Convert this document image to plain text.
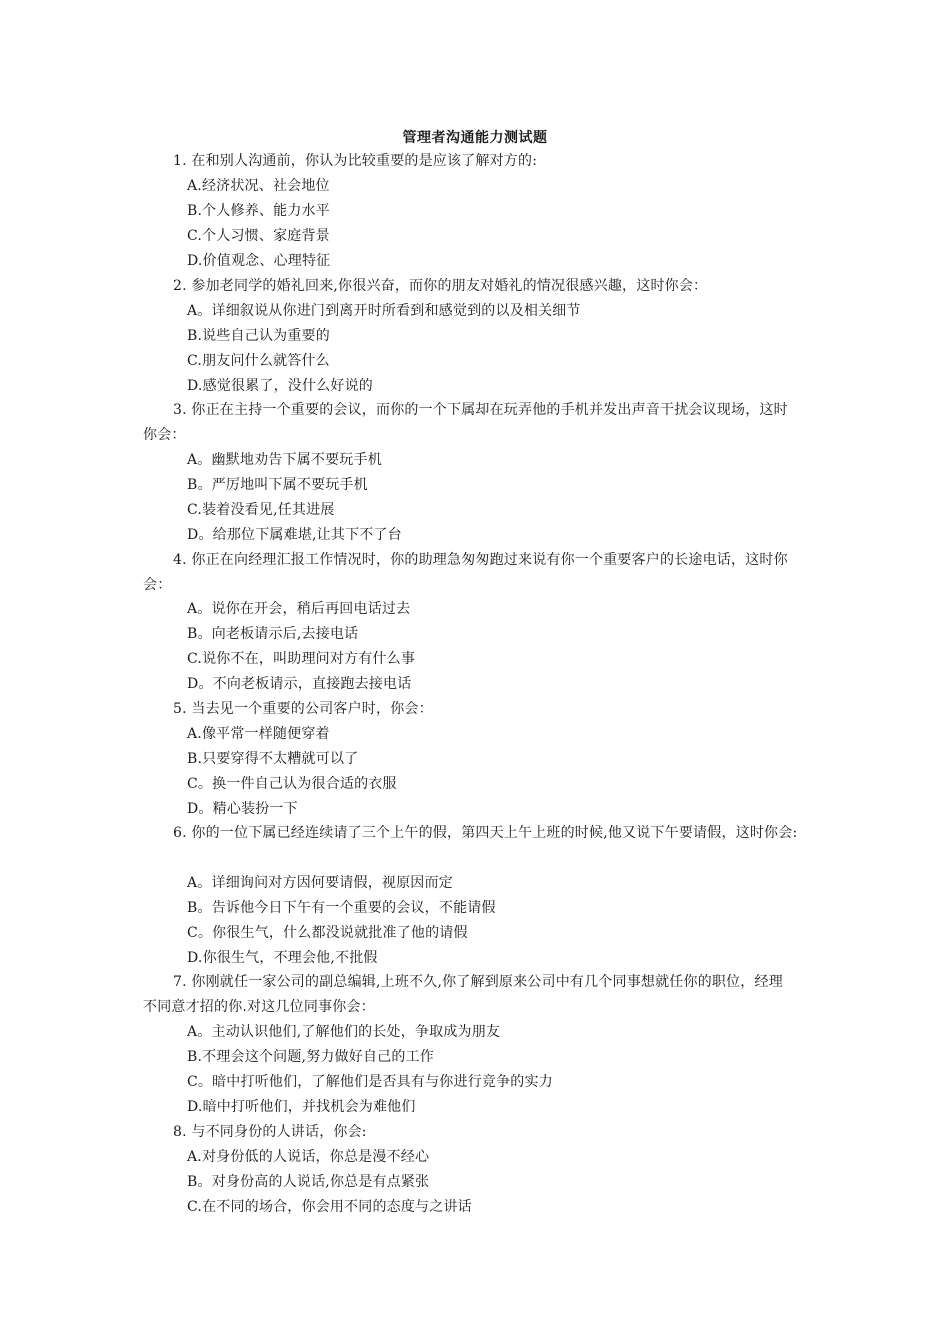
管理者沟通能力测试题
1. 在和别人沟通前，你认为比较重要的是应该了解对方的:
A.经济状况、社会地位
B.个人修养、能力水平
C.个人习惯、家庭背景
D.价值观念、心理特征
2. 参加老同学的婚礼回来,你很兴奋，而你的朋友对婚礼的情况很感兴趣，这时你会：
A。详细叙说从你进门到离开时所看到和感觉到的以及相关细节
B.说些自己认为重要的
C.朋友问什么就答什么
D.感觉很累了，没什么好说的
3. 你正在主持一个重要的会议，而你的一个下属却在玩弄他的手机并发出声音干扰会议现场，这时
你会：
A。幽默地劝告下属不要玩手机
B。严厉地叫下属不要玩手机
C.装着没看见,任其进展
D。给那位下属难堪,让其下不了台
4. 你正在向经理汇报工作情况时，你的助理急匆匆跑过来说有你一个重要客户的长途电话，这时你
会：
A。说你在开会，稍后再回电话过去
B。向老板请示后,去接电话
C.说你不在，叫助理问对方有什么事
D。不向老板请示，直接跑去接电话
5. 当去见一个重要的公司客户时，你会：
A.像平常一样随便穿着
B.只要穿得不太糟就可以了
C。换一件自己认为很合适的衣服
D。精心装扮一下
6. 你的一位下属已经连续请了三个上午的假，第四天上午上班的时候,他又说下午要请假，这时你会:
A。详细询问对方因何要请假，视原因而定
B。告诉他今日下午有一个重要的会议，不能请假
C。你很生气，什么都没说就批准了他的请假
D.你很生气，不理会他,不批假
7. 你刚就任一家公司的副总编辑,上班不久,你了解到原来公司中有几个同事想就任你的职位，经理
不同意才招的你.对这几位同事你会：
A。主动认识他们,了解他们的长处，争取成为朋友
B.不理会这个问题,努力做好自己的工作
C。暗中打听他们，了解他们是否具有与你进行竞争的实力
D.暗中打听他们，并找机会为难他们
8. 与不同身份的人讲话，你会:
A.对身份低的人说话，你总是漫不经心
B。对身份高的人说话,你总是有点紧张
C.在不同的场合，你会用不同的态度与之讲话
